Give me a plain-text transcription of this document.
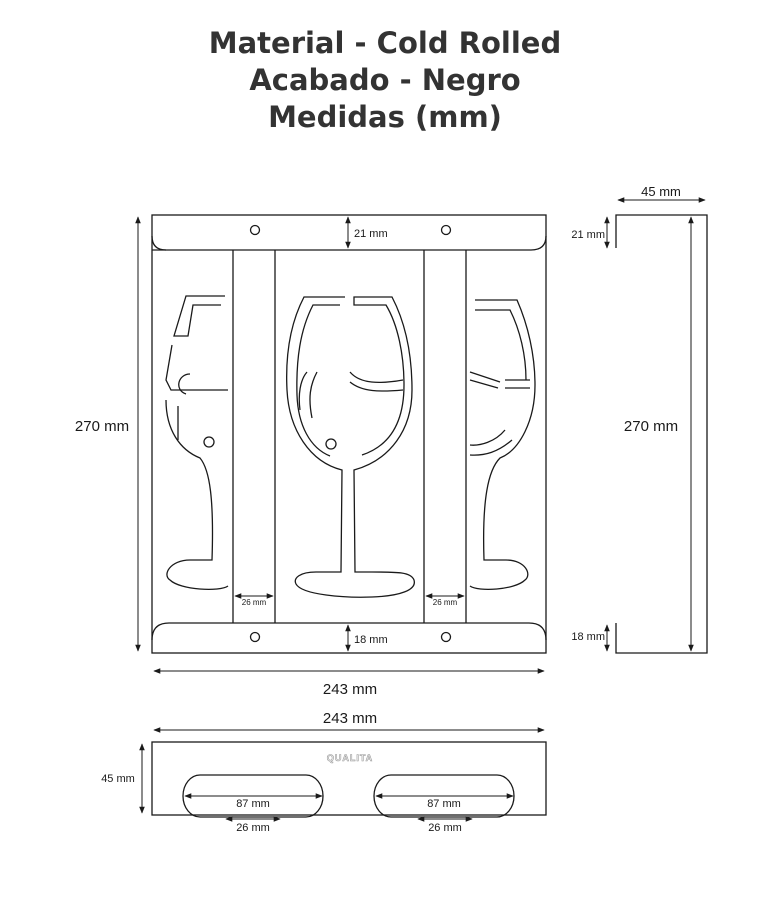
Material - Cold Rolled
Acabado - Negro
Medidas (mm)
270 mm
243 mm
21 mm
18 mm
26 mm	26 mm
45 mm
270 mm
21 mm
18 mm
QUALITA
243 mm
45 mm
87 mm	87 mm
26 mm	26 mm
